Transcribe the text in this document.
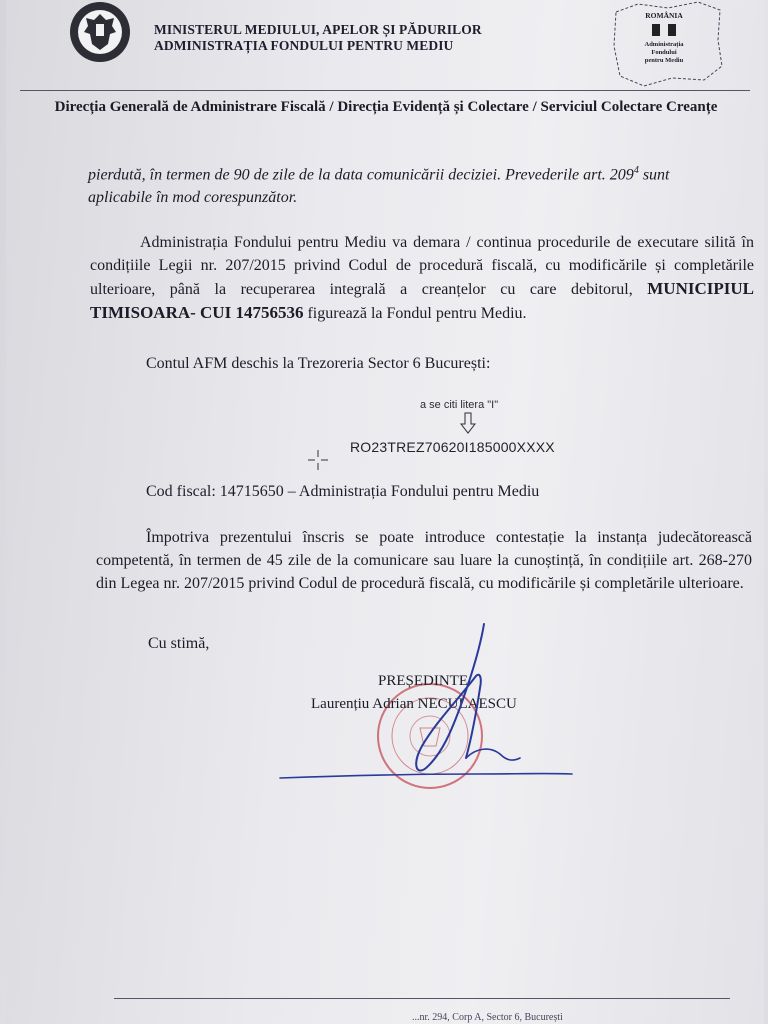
MINISTERUL MEDIULUI, APELOR ȘI PĂDURILOR
ADMINISTRAȚIA FONDULUI PENTRU MEDIU
ROMÂNIA
Administrația
Fondului
pentru Mediu
Direcția Generală de Administrare Fiscală / Direcția Evidență și Colectare / Serviciul Colectare Creanțe
pierdută, în termen de 90 de zile de la data comunicării deciziei. Prevederile art. $209^4$ sunt
aplicabile în mod corespunzător.
Administrația Fondului pentru Mediu va demara / continua procedurile de executare silită în condițiile Legii nr. 207/2015 privind Codul de procedură fiscală, cu modificările și completările ulterioare, până la recuperarea integrală a creanțelor cu care debitorul, MUNICIPIUL TIMISOARA- CUI 14756536 figurează la Fondul pentru Mediu.
Contul AFM deschis la Trezoreria Sector 6 București:
a se citi litera "I"
RO23TREZ70620I185000XXXX
Cod fiscal: 14715650 – Administrația Fondului pentru Mediu
Împotriva prezentului înscris se poate introduce contestație la instanța judecătorească competentă, în termen de 45 zile de la comunicare sau luare la cunoștință, în condițiile art. 268-270 din Legea nr. 207/2015 privind Codul de procedură fiscală, cu modificările și completările ulterioare.
Cu stimă,
PREȘEDINTE
Laurențiu Adrian NECULAESCU
...nr. 294, Corp A, Sector 6, București
